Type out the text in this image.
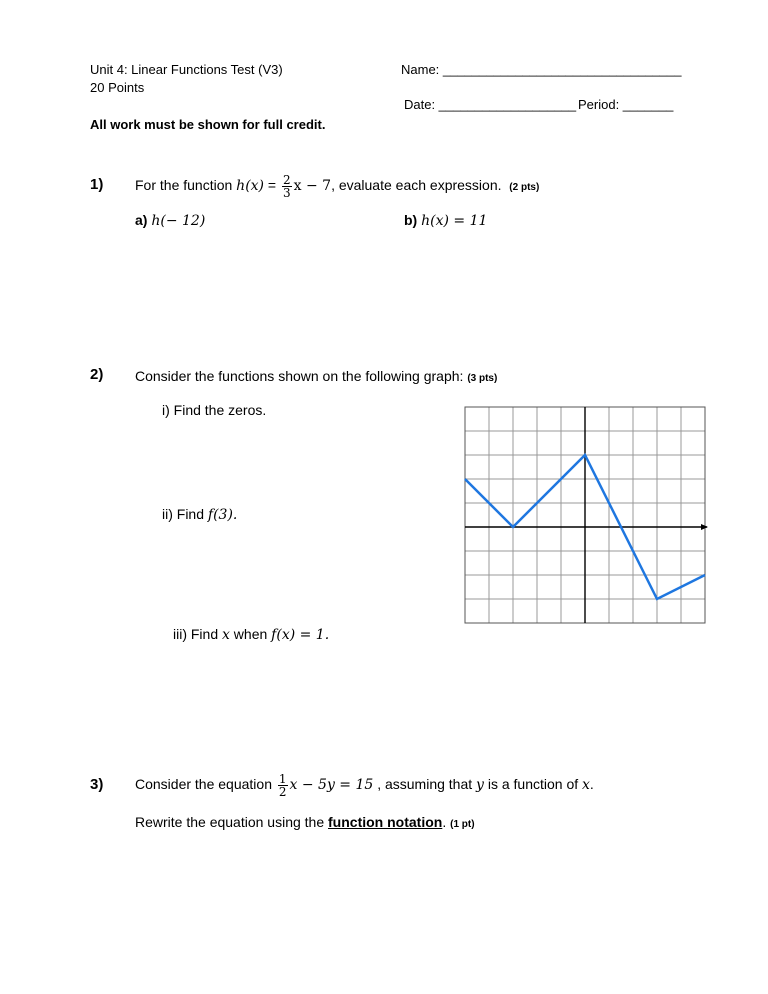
Unit 4: Linear Functions Test (V3)
20 Points
Name: _________________________________
Date: ___________________ Period: _______
All work must be shown for full credit.
1) For the function $h(x) = \frac{2}{3}$ x − 7, evaluate each expression. (2 pts)
a) h(− 12)	b) h(x) = 11
2) Consider the functions shown on the following graph: (3 pts)
i) Find the zeros.
ii) Find f(3).
iii) Find x when f(x) = 1.
3) Consider the equation $\frac{1}{2}$ x − 5y = 15 , assuming that y is a function of x.
Rewrite the equation using the function notation. (1 pt)
